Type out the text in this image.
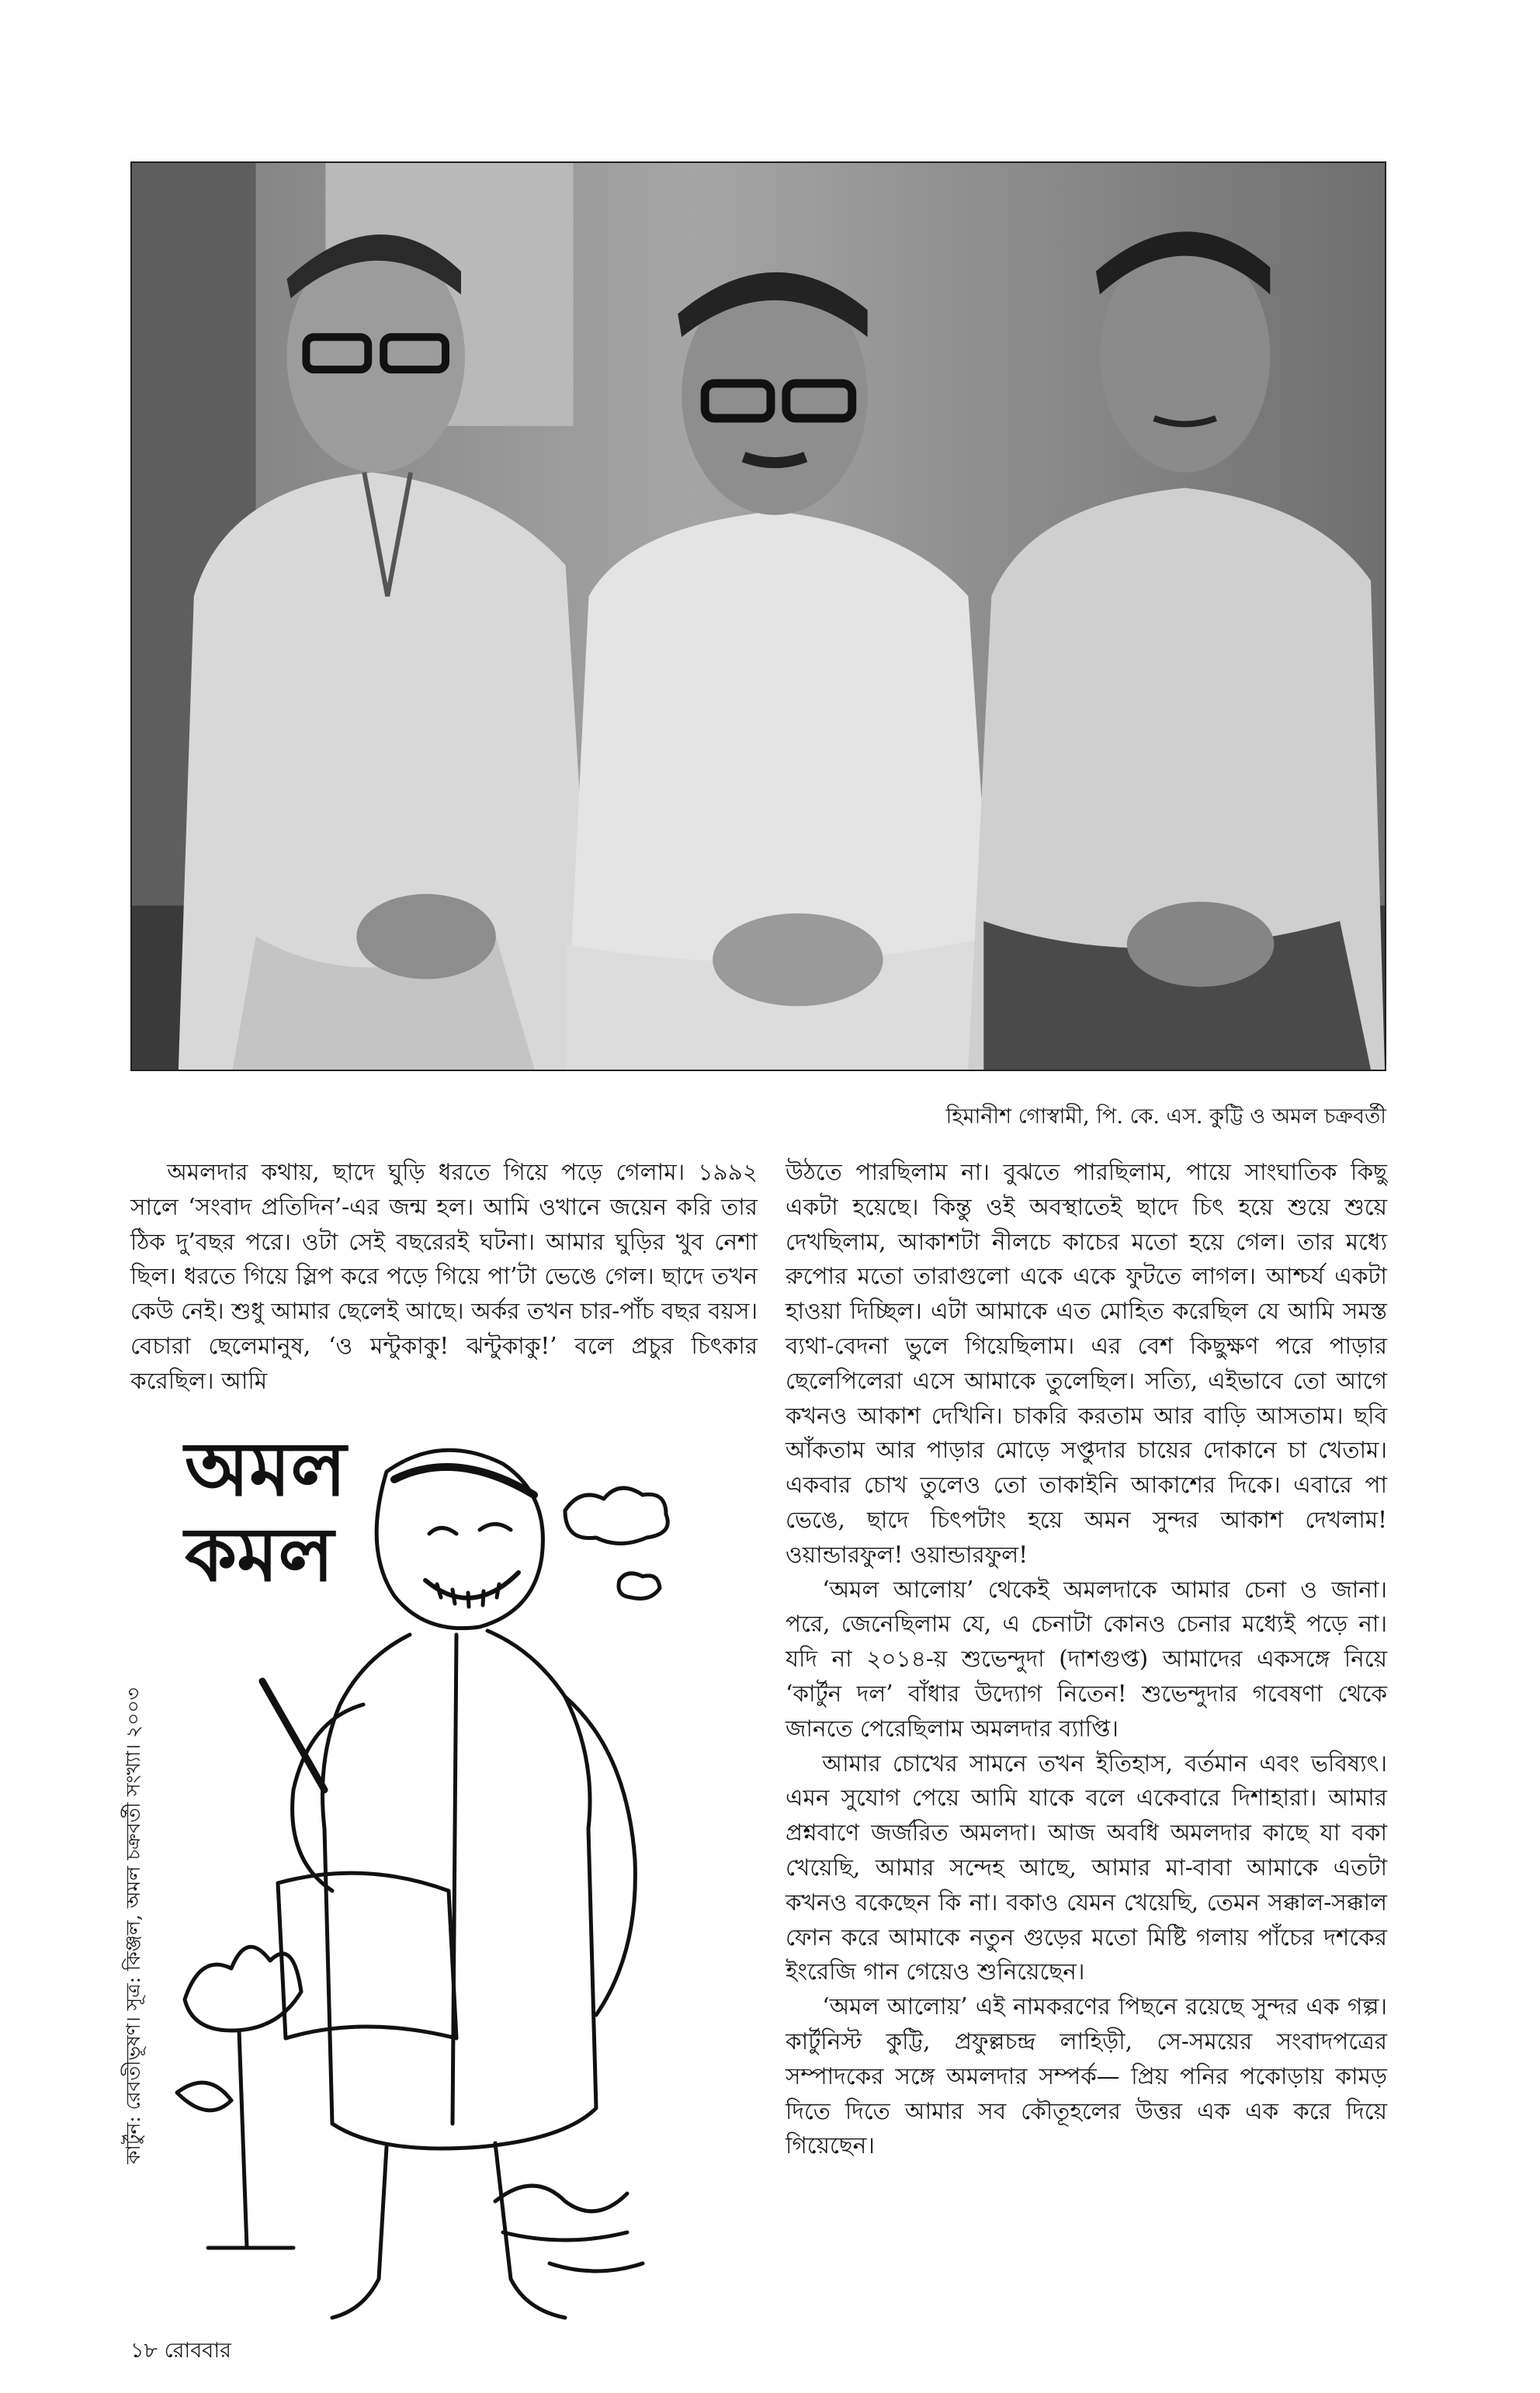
হিমানীশ গোস্বামী, পি. কে. এস. কুট্টি ও অমল চক্রবর্তী

অমলদার কথায়, ছাদে ঘুড়ি ধরতে গিয়ে পড়ে গেলাম। ১৯৯২ সালে ‘সংবাদ প্রতিদিন’-এর জন্ম হল। আমি ওখানে জয়েন করি তার ঠিক দু’বছর পরে। ওটা সেই বছরেরই ঘটনা। আমার ঘুড়ির খুব নেশা ছিল। ধরতে গিয়ে স্লিপ করে পড়ে গিয়ে পা’টা ভেঙে গেল। ছাদে তখন কেউ নেই। শুধু আমার ছেলেই আছে। অর্কর তখন চার-পাঁচ বছর বয়স। বেচারা ছেলেমানুষ, ‘ও মন্টুকাকু! ঝন্টুকাকু!’ বলে প্রচুর চিৎকার করেছিল। আমি

উঠতে পারছিলাম না। বুঝতে পারছিলাম, পায়ে সাংঘাতিক কিছু একটা হয়েছে। কিন্তু ওই অবস্থাতেই ছাদে চিৎ হয়ে শুয়ে শুয়ে দেখছিলাম, আকাশটা নীলচে কাচের মতো হয়ে গেল। তার মধ্যে রুপোর মতো তারাগুলো একে একে ফুটতে লাগল। আশ্চর্য একটা হাওয়া দিচ্ছিল। এটা আমাকে এত মোহিত করেছিল যে আমি সমস্ত ব্যথা-বেদনা ভুলে গিয়েছিলাম। এর বেশ কিছুক্ষণ পরে পাড়ার ছেলেপিলেরা এসে আমাকে তুলেছিল। সত্যি, এইভাবে তো আগে কখনও আকাশ দেখিনি। চাকরি করতাম আর বাড়ি আসতাম। ছবি আঁকতাম আর পাড়ার মোড়ে সপ্তুদার চায়ের দোকানে চা খেতাম। একবার চোখ তুলেও তো তাকাইনি আকাশের দিকে। এবারে পা ভেঙে, ছাদে চিৎপটাং হয়ে অমন সুন্দর আকাশ দেখলাম! ওয়ান্ডারফুল! ওয়ান্ডারফুল!

‘অমল আলোয়’ থেকেই অমলদাকে আমার চেনা ও জানা। পরে, জেনেছিলাম যে, এ চেনাটা কোনও চেনার মধ্যেই পড়ে না। যদি না ২০১৪-য় শুভেন্দুদা (দাশগুপ্ত) আমাদের একসঙ্গে নিয়ে ‘কার্টুন দল’ বাঁধার উদ্যোগ নিতেন! শুভেন্দুদার গবেষণা থেকে জানতে পেরেছিলাম অমলদার ব্যাপ্তি।

আমার চোখের সামনে তখন ইতিহাস, বর্তমান এবং ভবিষ্যৎ। এমন সুযোগ পেয়ে আমি যাকে বলে একেবারে দিশাহারা। আমার প্রশ্নবাণে জর্জরিত অমলদা। আজ অবধি অমলদার কাছে যা বকা খেয়েছি, আমার সন্দেহ আছে, আমার মা-বাবা আমাকে এতটা কখনও বকেছেন কি না। বকাও যেমন খেয়েছি, তেমন সক্কাল-সক্কাল ফোন করে আমাকে নতুন গুড়ের মতো মিষ্টি গলায় পাঁচের দশকের ইংরেজি গান গেয়েও শুনিয়েছেন।

‘অমল আলোয়’ এই নামকরণের পিছনে রয়েছে সুন্দর এক গল্প। কার্টুনিস্ট কুট্টি, প্রফুল্লচন্দ্র লাহিড়ী, সে-সময়ের সংবাদপত্রের সম্পাদকের সঙ্গে অমলদার সম্পর্ক— প্রিয় পনির পকোড়ায় কামড় দিতে দিতে আমার সব কৌতূহলের উত্তর এক এক করে দিয়ে গিয়েছেন।

অমল
কমল
কার্টুন: রেবতীভূষণ। সূত্র: কিঞ্জল, অমল চক্রবর্তী সংখ্যা। ২০০৩
১৮ রোববার
